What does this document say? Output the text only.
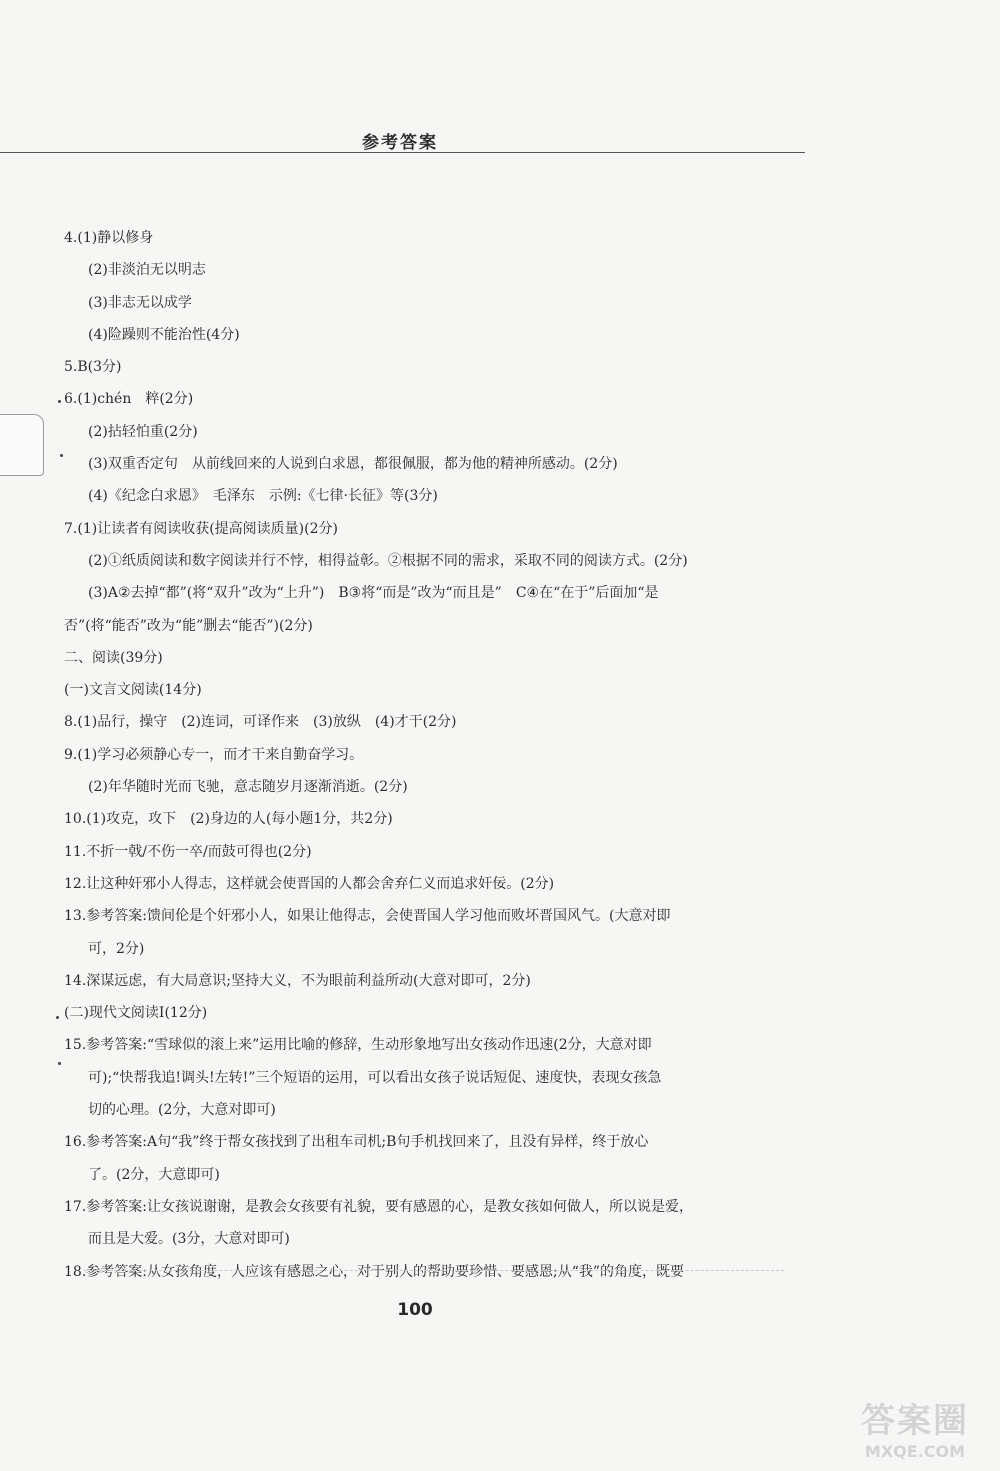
参考答案
4.(1)静以修身
(2)非淡泊无以明志
(3)非志无以成学
(4)险躁则不能治性(4分)
5.B(3分)
6.(1)chén　粹(2分)
(2)拈轻怕重(2分)
(3)双重否定句　从前线回来的人说到白求恩，都很佩服，都为他的精神所感动。(2分)
(4)《纪念白求恩》　毛泽东　示例:《七律·长征》等(3分)
7.(1)让读者有阅读收获(提高阅读质量)(2分)
(2)①纸质阅读和数字阅读并行不悖，相得益彰。②根据不同的需求，采取不同的阅读方式。(2分)
(3)A②去掉“都”(将“双升”改为“上升”)　B③将“而是”改为“而且是”　C④在“在于”后面加“是
否”(将“能否”改为“能”删去“能否”)(2分)
二、阅读(39分)
(一)文言文阅读(14分)
8.(1)品行，操守　(2)连词，可译作来　(3)放纵　(4)才干(2分)
9.(1)学习必须静心专一，而才干来自勤奋学习。
(2)年华随时光而飞驰，意志随岁月逐渐消逝。(2分)
10.(1)攻克，攻下　(2)身边的人(每小题1分，共2分)
11.不折一戟/不伤一卒/而鼓可得也(2分)
12.让这种奸邪小人得志，这样就会使晋国的人都会舍弃仁义而追求奸佞。(2分)
13.参考答案:馈间伦是个奸邪小人，如果让他得志，会使晋国人学习他而败坏晋国风气。(大意对即
可，2分)
14.深谋远虑，有大局意识;坚持大义，不为眼前利益所动(大意对即可，2分)
(二)现代文阅读Ⅰ(12分)
15.参考答案:“雪球似的滚上来”运用比喻的修辞，生动形象地写出女孩动作迅速(2分，大意对即
可);“快帮我追!调头!左转!”三个短语的运用，可以看出女孩子说话短促、速度快，表现女孩急
切的心理。(2分，大意对即可)
16.参考答案:A句“我”终于帮女孩找到了出租车司机;B句手机找回来了，且没有异样，终于放心
了。(2分，大意即可)
17.参考答案:让女孩说谢谢，是教会女孩要有礼貌，要有感恩的心，是教女孩如何做人，所以说是爱，
而且是大爱。(3分，大意对即可)
18.参考答案:从女孩角度，人应该有感恩之心，对于别人的帮助要珍惜、要感恩;从“我”的角度，既要
100
答案圈
MXQE.COM
